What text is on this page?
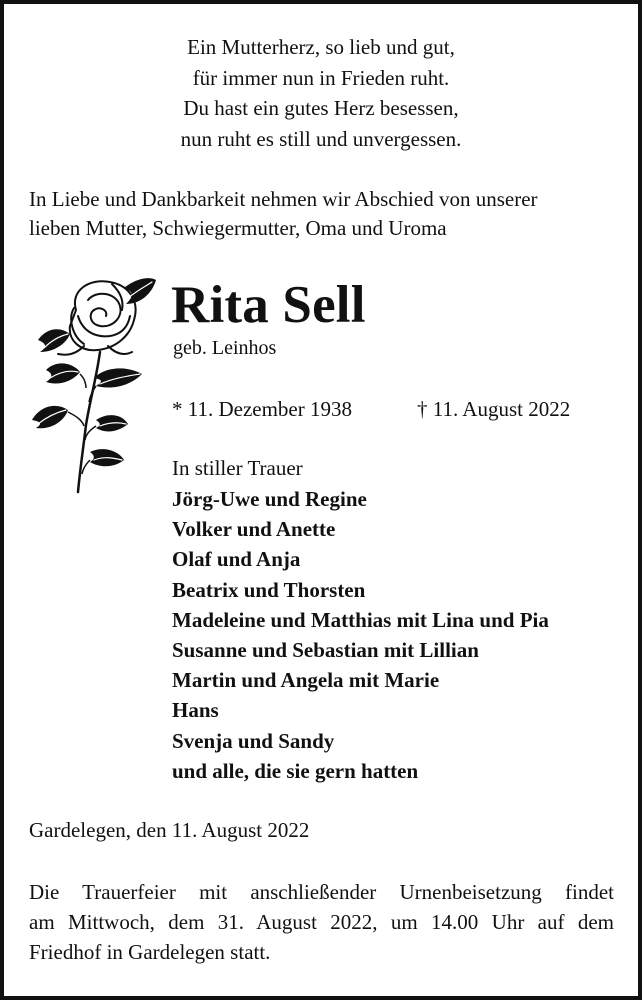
Ein Mutterherz, so lieb und gut,
für immer nun in Frieden ruht.
Du hast ein gutes Herz besessen,
nun ruht es still und unvergessen.
In Liebe und Dankbarkeit nehmen wir Abschied von unserer
lieben Mutter, Schwiegermutter, Oma und Uroma
Rita Sell
geb. Leinhos
* 11. Dezember 1938	† 11. August 2022
In stiller Trauer
Jörg-Uwe und Regine
Volker und Anette
Olaf und Anja
Beatrix und Thorsten
Madeleine und Matthias mit Lina und Pia
Susanne und Sebastian mit Lillian
Martin und Angela mit Marie
Hans
Svenja und Sandy
und alle, die sie gern hatten
Gardelegen, den 11. August 2022
Die Trauerfeier mit anschließender Urnenbeisetzung findet
am Mittwoch, dem 31. August 2022, um 14.00 Uhr auf dem
Friedhof in Gardelegen statt.
